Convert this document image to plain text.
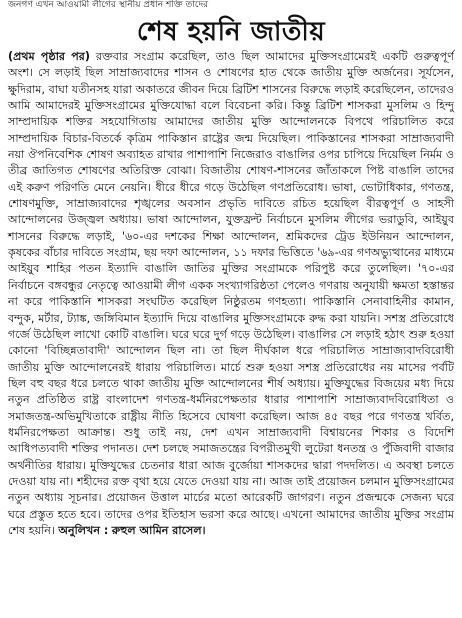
জনগণ এখন আওয়ামী লীগের স্থানীয় প্রধান শক্তি তাদের
শেষ হয়নি জাতীয়

(প্রথম পৃষ্ঠার পর) রক্তবার সংগ্রাম করেছিল, তাও ছিল আমাদের মুক্তিসংগ্রামেরই একটি গুরুত্বপূর্ণ অংশ। সে লড়াই ছিল সাম্রাজ্যবাদের শাসন ও শোষণের হাত থেকে জাতীয় মুক্তি অর্জনের। সূর্যসেন, ক্ষুদিরাম, বাঘা যতীনসহ যারা অকাতরে জীবন দিয়ে ব্রিটিশ শাসনের বিরুদ্ধে লড়াই করেছিলেন, তাদেরও আমি আমাদেরই মুক্তিসংগ্রামের মুক্তিযোদ্ধা বলে বিবেচনা করি। কিন্তু ব্রিটিশ শাসকরা মুসলিম ও হিন্দু সাম্প্রদায়িক শক্তির সহযোগিতায় আমাদের জাতীয় মুক্তি আন্দোলনকে বিপথে পরিচালিত করে সাম্প্রদায়িক বিচার-বিতর্কে কৃত্রিম পাকিস্তান রাষ্ট্রের জন্ম দিয়েছিল। পাকিস্তানের শাসকরা সাম্রাজ্যবাদী নয়া ঔপনিবেশিক শোষণ অব্যাহত রাখার পাশাপাশি নিজেরাও বাঙালির ওপর চাপিয়ে দিয়েছিল নির্মম ও তীব্র জাতিগত শোষণের অতিরিক্ত বোঝা। বিজাতীয় শোষণ-শাসনের জাঁতাকলে পিষ্ট বাঙালি তাদের এই করুণ পরিণতি মেনে নেয়নি। ধীরে ধীরে গড়ে উঠেছিল গণপ্রতিরোধ। ভাষা, ভোটাধিকার, গণতন্ত্র, শোষণমুক্তি, সাম্রাজ্যবাদের শৃঙ্খলের অবসান প্রভৃতি দাবিতে রচিত হয়েছিল বীরত্বপূর্ণ ও সাহসী আন্দোলনের উজ্জ্বল অধ্যায়। ভাষা আন্দোলন, যুক্তফ্রন্ট নির্বাচনে মুসলিম লীগের ভরাডুবি, আইয়ুব শাসনের বিরুদ্ধে লড়াই, '৬০-এর দশকের শিক্ষা আন্দোলন, শ্রমিকদের ট্রেড ইউনিয়ন আন্দোলন, কৃষকের বাঁচার দাবিতে সংগ্রাম, ছয় দফা আন্দোলন, ১১ দফার ভিত্তিতে '৬৯-এর গণঅভ্যুত্থানের মাধ্যমে আইয়ুব শাহির পতন ইত্যাদি বাঙালি জাতির মুক্তির সংগ্রামকে পরিপুষ্ট করে তুলেছিল। '৭০-এর নির্বাচনে বঙ্গবন্ধুর নেতৃত্বে আওয়ামী লীগ একক সংখ্যাগরিষ্ঠতা পেলেও গণরায় অনুযায়ী ক্ষমতা হস্তান্তর না করে পাকিস্তানি শাসকরা সংঘটিত করেছিল নিষ্ঠুরতম গণহত্যা। পাকিস্তানি সেনাবাহিনীর কামান, বন্দুক, মর্টার, ট্যাঙ্ক, জঙ্গিবিমান ইত্যাদি দিয়ে বাঙালির মুক্তিসংগ্রামকে রুদ্ধ করা যায়নি। সশস্ত্র প্রতিরোধে গর্জে উঠেছিল লাখো কোটি বাঙালি। ঘরে ঘরে দুর্গ গড়ে উঠেছিল। বাঙালির সে লড়াই হঠাৎ শুরু হওয়া কোনো 'বিচ্ছিন্নতাবাদী' আন্দোলন ছিল না। তা ছিল দীর্ঘকাল ধরে পরিচালিত সাম্রাজ্যবাদবিরোধী জাতীয় মুক্তি আন্দোলনেরই ধারায় পরিচালিত। মার্চে শুরু হওয়া সশস্ত্র প্রতিরোধের নয় মাসের পর্বটি ছিল বহু বছর ধরে চলতে থাকা জাতীয় মুক্তি আন্দোলনের শীর্ষ অধ্যায়। মুক্তিযুদ্ধের বিজয়ের মধ্য দিয়ে নতুন প্রতিষ্ঠিত রাষ্ট্র বাংলাদেশ গণতন্ত্র-ধর্মনিরপেক্ষতার ধারার পাশাপাশি সাম্রাজ্যবাদবিরোধিতা ও সমাজতন্ত্র-অভিমুখিতাকে রাষ্ট্রীয় নীতি হিসেবে ঘোষণা করেছিল। আজ ৪৫ বছর পরে গণতন্ত্র খর্বিত, ধর্মনিরপেক্ষতা আক্রান্ত। শুধু তাই নয়, দেশ এখন সাম্রাজ্যবাদী বিশ্বায়নের শিকার ও বিদেশি আধিপত্যবাদী শক্তির পদানত। দেশ চলছে সমাজতন্ত্রের বিপরীতমুখী লুটেরা ধনতন্ত্র ও পুঁজিবাদী বাজার অর্থনীতির ধারায়। মুক্তিযুদ্ধের চেতনার ধারা আজ বুর্জোয়া শাসকদের দ্বারা পদদলিত। এ অবস্থা চলতে দেওয়া যায় না। শহীদের রক্ত বৃথা হয়ে যেতে দেওয়া যায় না। আজ তাই প্রয়োজন চলমান মুক্তিসংগ্রামের নতুন অধ্যায় সূচনার। প্রয়োজন উত্তাল মার্চের মতো আরেকটি জাগরণ। নতুন প্রজন্মকে সেজন্য ঘরে ঘরে প্রস্তুত হতে হবে। তাদের ওপর ইতিহাস ভরসা করে আছে। এখনো আমাদের জাতীয় মুক্তির সংগ্রাম শেষ হয়নি। অনুলিখন : রুহুল আমিন রাসেল।
